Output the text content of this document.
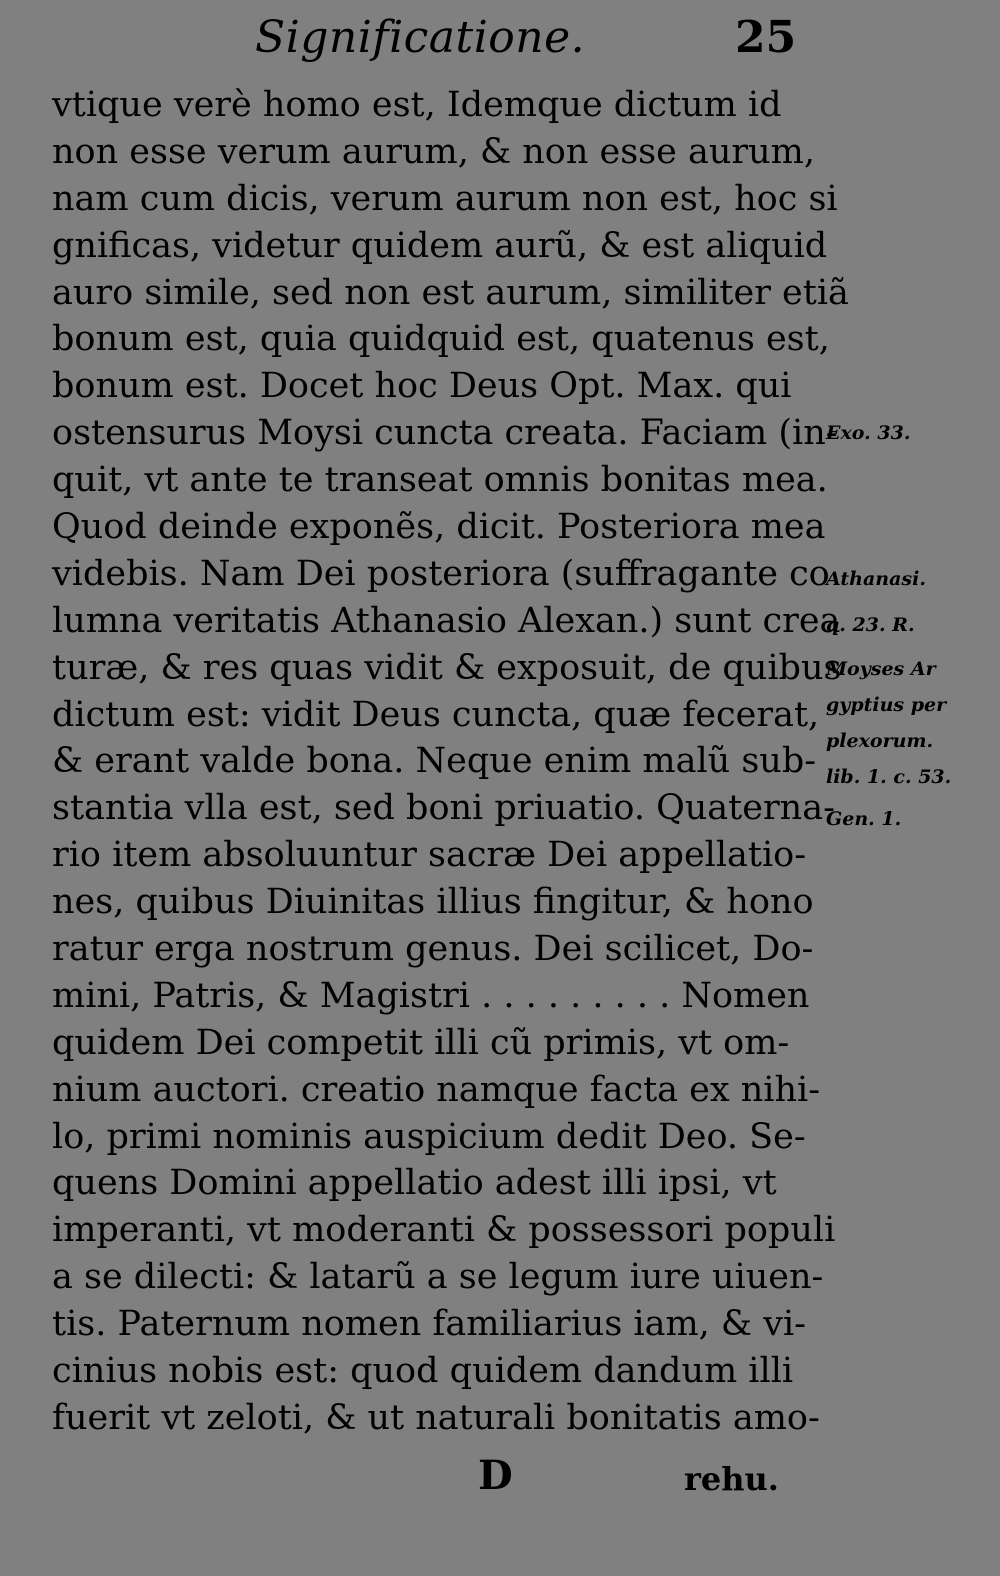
Significatione.	25
vtique verè homo est, Idemque dictum id
non esse verum aurum, & non esse aurum,
nam cum dicis, verum aurum non est, hoc si
gnificas, videtur quidem aurũ, & est aliquid
auro simile, sed non est aurum, similiter etiã
bonum est, quia quidquid est, quatenus est,
bonum est. Docet hoc Deus Opt. Max. qui
ostensurus Moysi cuncta creata. Faciam (in-
quit, vt ante te transeat omnis bonitas mea.
Quod deinde exponẽs, dicit. Posteriora mea
videbis. Nam Dei posteriora (suffragante co
lumna veritatis Athanasio Alexan.) sunt crea
turæ, & res quas vidit & exposuit, de quibus
dictum est: vidit Deus cuncta, quæ fecerat,
& erant valde bona. Neque enim malũ sub-
stantia vlla est, sed boni priuatio. Quaterna-
rio item absoluuntur sacræ Dei appellatio-
nes, quibus Diuinitas illius fingitur, & hono
ratur erga nostrum genus. Dei scilicet, Do-
mini, Patris, & Magistri . . . . . . . . . Nomen
quidem Dei competit illi cũ primis, vt om-
nium auctori. creatio namque facta ex nihi-
lo, primi nominis auspicium dedit Deo. Se-
quens Domini appellatio adest illi ipsi, vt
imperanti, vt moderanti & possessori populi
a se dilecti: & latarũ a se legum iure uiuen-
tis. Paternum nomen familiarius iam, & vi-
cinius nobis est: quod quidem dandum illi
fuerit vt zeloti, & ut naturali bonitatis amo-
Exo. 33.
Athanasi.
q. 23. R.
Moyses Ar
gyptius per
plexorum.
lib. 1. c. 53.
Gen. 1.
D	rehu.
